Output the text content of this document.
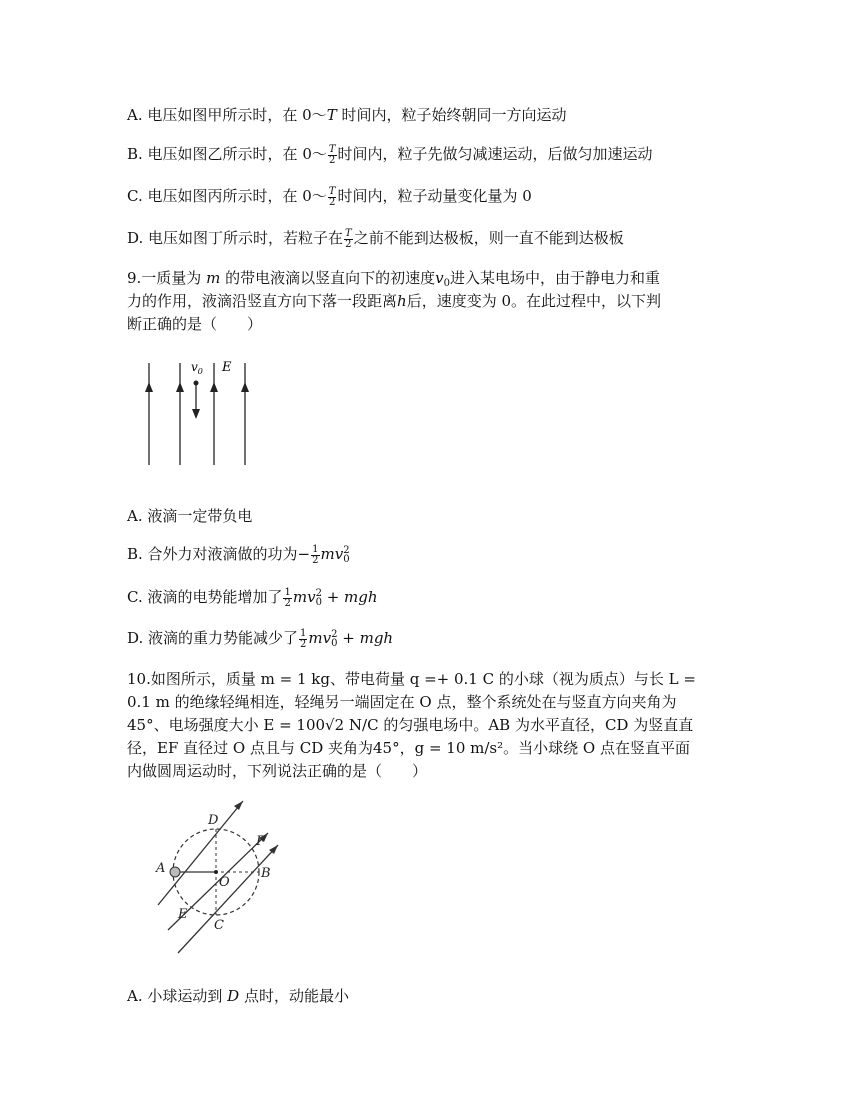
A. 电压如图甲所示时，在 0～T 时间内，粒子始终朝同一方向运动
B. 电压如图乙所示时，在 0～ $\frac{T}{2}$ 时间内，粒子先做匀减速运动，后做匀加速运动
C. 电压如图丙所示时，在 0～ $\frac{T}{2}$ 时间内，粒子动量变化量为 0
D. 电压如图丁所示时，若粒子在 $\frac{T}{2}$ 之前不能到达极板，则一直不能到达极板
9.一质量为 m 的带电液滴以竖直向下的初速度$v_0$进入某电场中，由于静电力和重
力的作用，液滴沿竖直方向下落一段距离h后，速度变为 0。在此过程中，以下判
断正确的是（　　）
$v_0$ E
A. 液滴一定带负电
B. 合外力对液滴做的功为− $\frac{1}{2}$ mv 2
0
C. 液滴的电势能增加了 $\frac{1}{2}$ mv 2
0 + mgh
D. 液滴的重力势能减少了 $\frac{1}{2}$ mv 2
0 + mgh
10.如图所示，质量 m = 1 kg、带电荷量 q =+ 0.1 C 的小球（视为质点）与长 L =
0.1 m 的绝缘轻绳相连，轻绳另一端固定在 O 点，整个系统处在与竖直方向夹角为
45°、电场强度大小 E = 100√2 N/C 的匀强电场中。AB 为水平直径，CD 为竖直直
径，EF 直径过 O 点且与 CD 夹角为45°，g = 10 m/s²。当小球绕 O 点在竖直平面
内做圆周运动时，下列说法正确的是（　　）
A	B
C
D
E
F
O
A. 小球运动到 D 点时，动能最小
